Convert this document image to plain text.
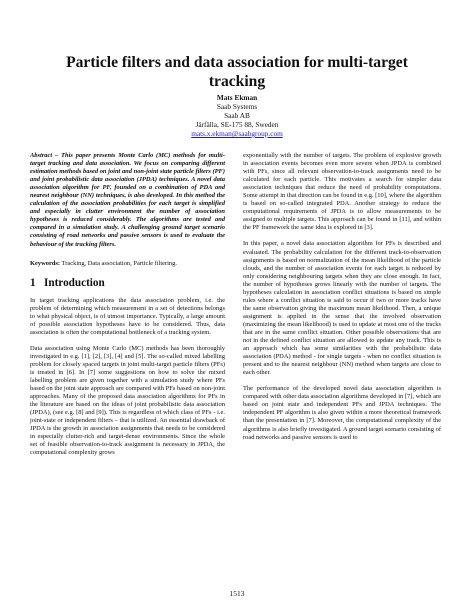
Particle filters and data association for multi-target tracking
Mats Ekman
Saab Systems
Saab AB
Järfälla, SE-175 88, Sweden
mats.x.ekman@saabgroup.com

Abstract – This paper presents Monte Carlo (MC) methods for multi-target tracking and data association. We focus on comparing different estimation methods based on joint and non-joint state particle filters (PF) and joint probabilistic data association (JPDA) techniques. A novel data association algorithm for PF, founded on a combination of PDA and nearest neighbour (NN) techniques, is also developed. In this method the calculation of the association probabilities for each target is simplified and especially in clutter environment the number of association hypotheses is reduced considerably. The algorithms are tested and compared in a simulation study. A challenging ground target scenario consisting of road networks and passive sensors is used to evaluate the behaviour of the tracking filters.

Keywords: Tracking, Data association, Particle filtering.

1 Introduction

In target tracking applications the data association problem, i.e. the problem of determining which measurement in a set of detections belongs to what physical object, is of utmost importance. Typically, a large amount of possible association hypotheses have to be considered. Thus, data association is often the computational bottleneck of a tracking system.

Data association using Monte Carlo (MC) methods has been thoroughly investigated in e.g. [1], [2], [3], [4] and [5]. The so-called mixed labelling problem for closely spaced targets in joint multi-target particle filters (PFs) is treated in [6]. In [7] some suggestions on how to solve the mixed labelling problem are given together with a simulation study where PFs based on the joint state approach are compared with PFs based on non-joint approaches. Many of the proposed data association algorithms for PFs in the literature are based on the ideas of joint probabilistic data association (JPDA), (see e.g. [8] and [9]). This is regardless of which class of PFs - i.e. joint-state or independent filters – that is utilized. An essential drawback of JPDA is the growth in association assignments that needs to be considered in especially clutter-rich and target-dense environments. Since the whole set of feasible observation-to-track assignment is necessary in JPDA, the computational complexity grows

exponentially with the number of targets. The problem of explosive growth in association events becomes even more severe when JPDA is combined with PFs, since all relevant observation-to-track assignments need to be calculated for each particle. This motivates a search for simpler data association techniques that reduce the need of probability computations. Some attempt in that direction can be found in e.g. [10], where the algorithm is based on so-called integrated PDA. Another strategy to reduce the computational requirements of JPDA is to allow measurements to be assigned to multiple targets. This approach can be found in [11], and within the PF framework the same idea is explored in [3].

In this paper, a novel data association algorithm for PFs is described and evaluated. The probability calculation for the different track-to-observation assignments is based on normalization of the mean likelihood of the particle clouds, and the number of association events for each target is reduced by only considering neighbouring targets when they are close enough. In fact, the number of hypotheses grows linearly with the number of targets. The hypotheses calculation in association conflict situations is based on simple rules where a conflict situation is said to occur if two or more tracks have the same observation giving the maximum mean likelihood. Then, a unique assignment is applied in the sense that the involved observation (maximizing the mean likelihood) is used to update at most one of the tracks that are in the same conflict situation. Other possible observations that are not in the defined conflict situation are allowed to update any track. This is an approach which has some similarities with the probabilistic data association (PDA) method - for single targets - when no conflict situation is present and to the nearest neighbour (NN) method when targets are close to each other.

The performance of the developed novel data association algorithm is compared with other data association algorithms developed in [7], which are based on joint state and independent PFs and JPDA techniques. The independent PF algorithm is also given within a more theoretical framework than the presentation in [7]. Moreover, the computational complexity of the algorithms is also briefly investigated. A ground target scenario consisting of road networks and passive sensors is used to

1513
